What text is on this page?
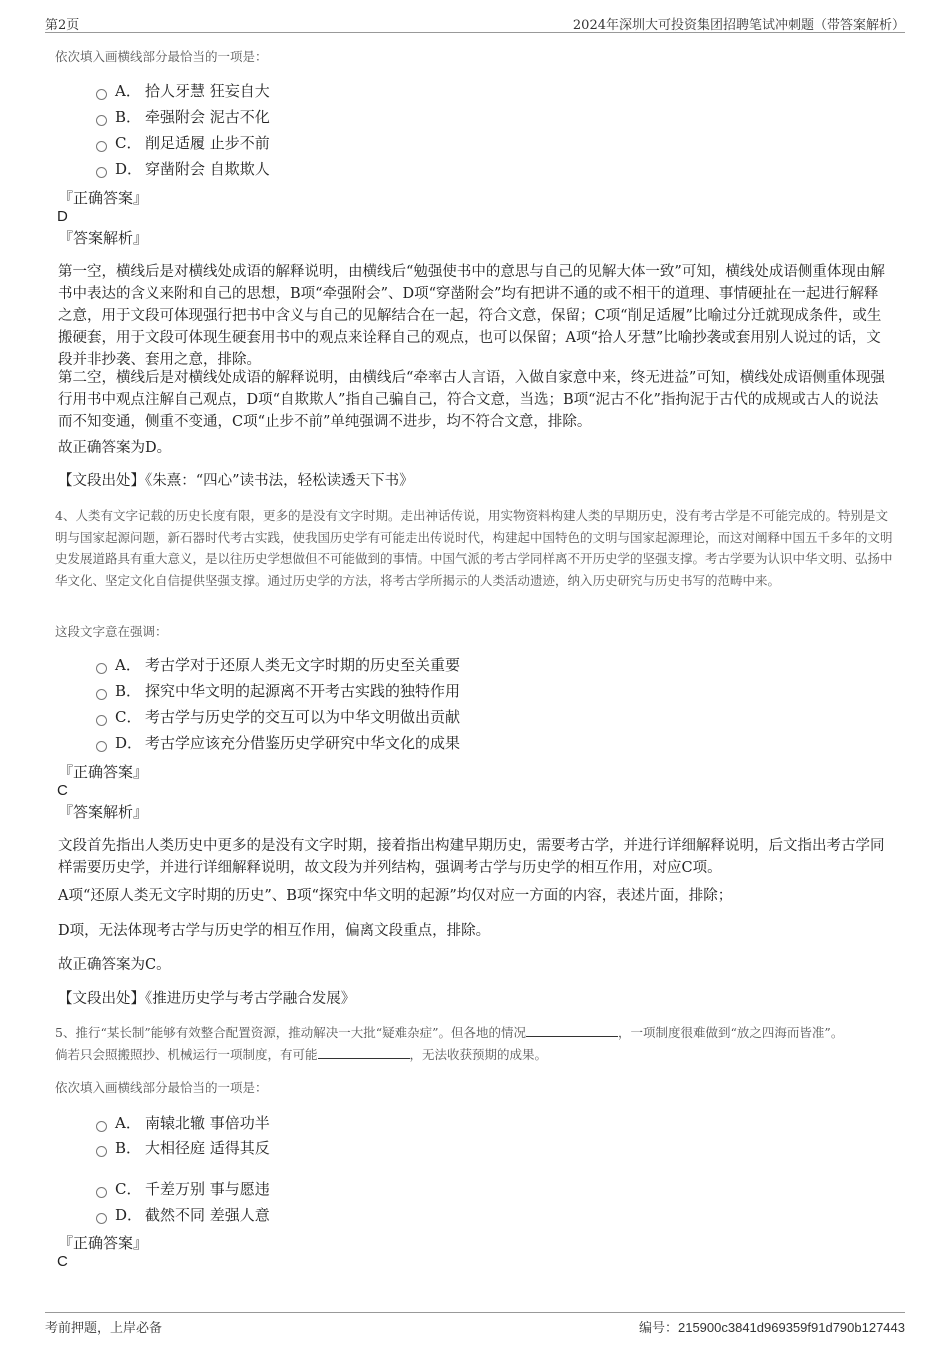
第2页	2024年深圳大可投资集团招聘笔试冲刺题（带答案解析）
依次填入画横线部分最恰当的一项是：
A． 拾人牙慧 狂妄自大
B． 牵强附会 泥古不化
C． 削足适履 止步不前
D． 穿凿附会 自欺欺人
『正确答案』
D
『答案解析』
第一空，横线后是对横线处成语的解释说明，由横线后“勉强使书中的意思与自己的见解大体一致”可知，横线处成语侧重体现由解书中表达的含义来附和自己的思想，B项“牵强附会”、D项“穿凿附会”均有把讲不通的或不相干的道理、事情硬扯在一起进行解释之意，用于文段可体现强行把书中含义与自己的见解结合在一起，符合文意，保留；C项“削足适履”比喻过分迁就现成条件，或生搬硬套，用于文段可体现生硬套用书中的观点来诠释自己的观点，也可以保留；A项“拾人牙慧”比喻抄袭或套用别人说过的话，文段并非抄袭、套用之意，排除。
第二空，横线后是对横线处成语的解释说明，由横线后“牵率古人言语，入做自家意中来，终无进益”可知，横线处成语侧重体现强行用书中观点注解自己观点，D项“自欺欺人”指自己骗自己，符合文意，当选；B项“泥古不化”指拘泥于古代的成规或古人的说法而不知变通，侧重不变通，C项“止步不前”单纯强调不进步，均不符合文意，排除。
故正确答案为D。
【文段出处】《朱熹：“四心”读书法，轻松读透天下书》
4、人类有文字记载的历史长度有限，更多的是没有文字时期。走出神话传说，用实物资料构建人类的早期历史，没有考古学是不可能完成的。特别是文明与国家起源问题，新石器时代考古实践，使我国历史学有可能走出传说时代，构建起中国特色的文明与国家起源理论，而这对阐释中国五千多年的文明史发展道路具有重大意义，是以往历史学想做但不可能做到的事情。中国气派的考古学同样离不开历史学的坚强支撑。考古学要为认识中华文明、弘扬中华文化、坚定文化自信提供坚强支撑。通过历史学的方法，将考古学所揭示的人类活动遗迹，纳入历史研究与历史书写的范畴中来。
这段文字意在强调：
A． 考古学对于还原人类无文字时期的历史至关重要
B． 探究中华文明的起源离不开考古实践的独特作用
C． 考古学与历史学的交互可以为中华文明做出贡献
D． 考古学应该充分借鉴历史学研究中华文化的成果
『正确答案』
C
『答案解析』
文段首先指出人类历史中更多的是没有文字时期，接着指出构建早期历史，需要考古学，并进行详细解释说明，后文指出考古学同样需要历史学，并进行详细解释说明，故文段为并列结构，强调考古学与历史学的相互作用，对应C项。
A项“还原人类无文字时期的历史”、B项“探究中华文明的起源”均仅对应一方面的内容，表述片面，排除；
D项，无法体现考古学与历史学的相互作用，偏离文段重点，排除。
故正确答案为C。
【文段出处】《推进历史学与考古学融合发展》
5、推行“某长制”能够有效整合配置资源，推动解决一大批“疑难杂症”。但各地的情况	，一项制度很难做到“放之四海而皆准”。
倘若只会照搬照抄、机械运行一项制度，有可能	，无法收获预期的成果。
依次填入画横线部分最恰当的一项是：
A． 南辕北辙 事倍功半
B． 大相径庭 适得其反
C． 千差万别 事与愿违
D． 截然不同 差强人意
『正确答案』
C
考前押题，上岸必备	编号：215900c3841d969359f91d790b127443
